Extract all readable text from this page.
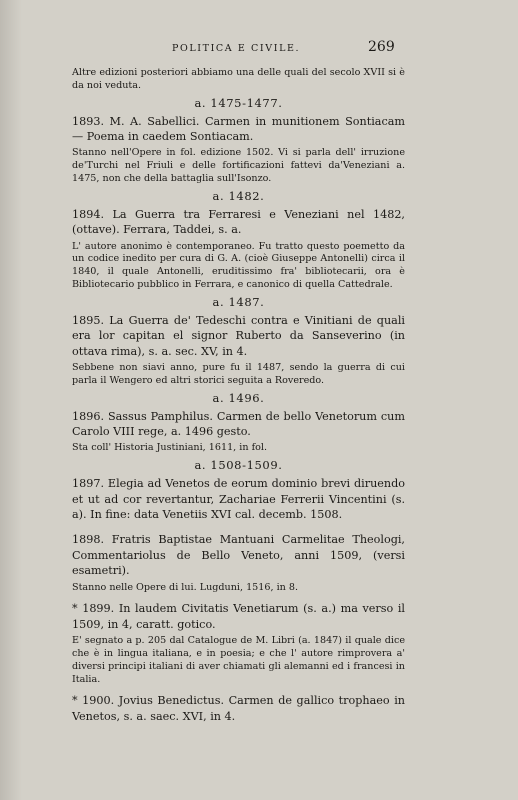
POLITICA E CIVILE.	269

Altre edizioni posteriori abbiamo una delle quali del secolo XVII si è da noi veduta.

a. 1475-1477.

1893. M. A. Sabellici. Carmen in munitionem Sontiacam — Poema in caedem Sontiacam.

Stanno nell'Opere in fol. edizione 1502. Vi si parla dell' irruzione de'Turchi nel Friuli e delle fortificazioni fattevi da'Veneziani a. 1475, non che della battaglia sull'Isonzo.

a. 1482.

1894. La Guerra tra Ferraresi e Veneziani nel 1482, (ottave). Ferrara, Taddei, s. a.

L' autore anonimo è contemporaneo. Fu tratto questo poemetto da un codice inedito per cura di G. A. (cioè Giuseppe Antonelli) circa il 1840, il quale Antonelli, eruditissimo fra' bibliotecarii, ora è Bibliotecario pubblico in Ferrara, e canonico di quella Cattedrale.

a. 1487.

1895. La Guerra de' Tedeschi contra e Vinitiani de quali era lor capitan el signor Ruberto da Sanseverino (in ottava rima), s. a. sec. XV, in 4.

Sebbene non siavi anno, pure fu il 1487, sendo la guerra di cui parla il Wengero ed altri storici seguita a Roveredo.

a. 1496.

1896. Sassus Pamphilus. Carmen de bello Venetorum cum Carolo VIII rege, a. 1496 gesto.

Sta coll' Historia Justiniani, 1611, in fol.

a. 1508-1509.

1897. Elegia ad Venetos de eorum dominio brevi diruendo et ut ad cor revertantur, Zachariae Ferrerii Vincentini (s. a). In fine: data Venetiis XVI cal. decemb. 1508.

1898. Fratris Baptistae Mantuani Carmelitae Theologi, Commentariolus de Bello Veneto, anni 1509, (versi esametri).

Stanno nelle Opere di lui. Lugduni, 1516, in 8.

* 1899. In laudem Civitatis Venetiarum (s. a.) ma verso il 1509, in 4, caratt. gotico.

E' segnato a p. 205 dal Catalogue de M. Libri (a. 1847) il quale dice che è in lingua italiana, e in poesia; e che l' autore rimprovera a' diversi principi italiani di aver chiamati gli alemanni ed i francesi in Italia.

* 1900. Jovius Benedictus. Carmen de gallico trophaeo in Venetos, s. a. saec. XVI, in 4.
